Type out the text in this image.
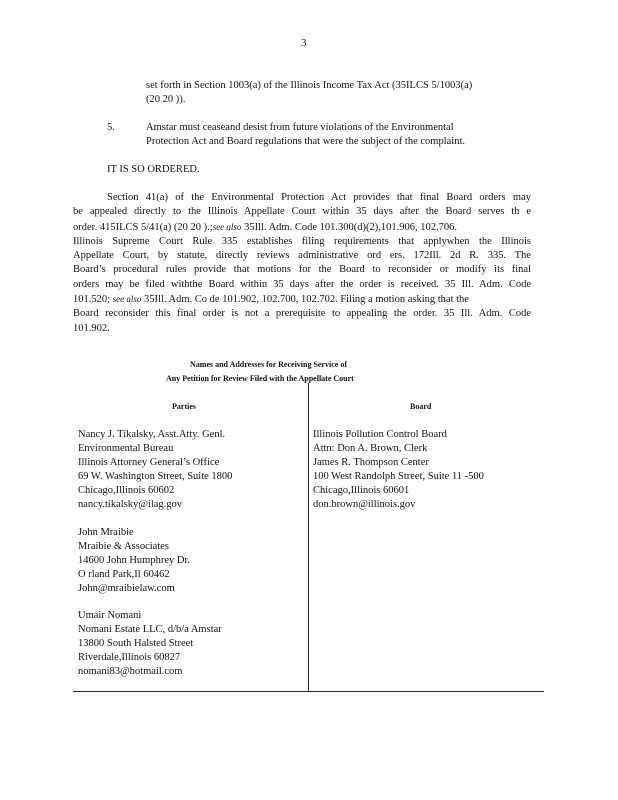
3
set forth in Section 1003(a) of the Illinois Income Tax Act (35ILCS 5/1003(a)
(20 20 )).
5.	Amstar must ceaseand desist from future violations of the Environmental
Protection Act and Board regulations that were the subject of the complaint.
IT IS SO ORDERED.
Section 41(a) of the Environmental Protection Act provides that final Board orders may
be appealed directly to the Illinois Appellate Court within 35 days after the Board serves th e
order. 415ILCS 5/41(a) (20 20 ).;see also 35Ill. Adm. Code 101.300(d)(2),101.906, 102.706.
Illinois Supreme Court Rule 335 establishes filing requirements that applywhen the Illinois
Appellate Court, by statute, directly reviews administrative ord ers. 172Ill. 2d R. 335. The
Board’s procedural rules provide that motions for the Board to reconsider or modify its final
orders may be filed withthe Board within 35 days after the order is received. 35 Ill. Adm. Code
101.520; see also 35Ill. Adm. Co de 101.902, 102.700, 102.702. Filing a motion asking that the
Board reconsider this final order is not a prerequisite to appealing the order. 35 Ill. Adm. Code
101.902.
Names and Addresses for Receiving Service of
Any Petition for Review Filed with the Appellate Court
Parties	Board
Nancy J. Tikalsky, Asst.Atty. Genl.
Environmental Bureau
Illinois Attorney General’s Office
69 W. Washington Street, Suite 1800
Chicago,Illinois 60602
nancy.tikalsky@ilag.gov
John Mraibie
Mraibie & Associates
14600 John Humphrey Dr.
O rland Park,Il 60462
John@mraibielaw.com
Umair Nomani
Nomani Estate LLC, d/b/a Amstar
13800 South Halsted Street
Riverdale,Illinois 60827
nomani83@hotmail.com
Illinois Pollution Control Board
Attn: Don A. Brown, Clerk
James R. Thompson Center
100 West Randolph Street, Suite 11 -500
Chicago,Illinois 60601
don.brown@illinois.gov
